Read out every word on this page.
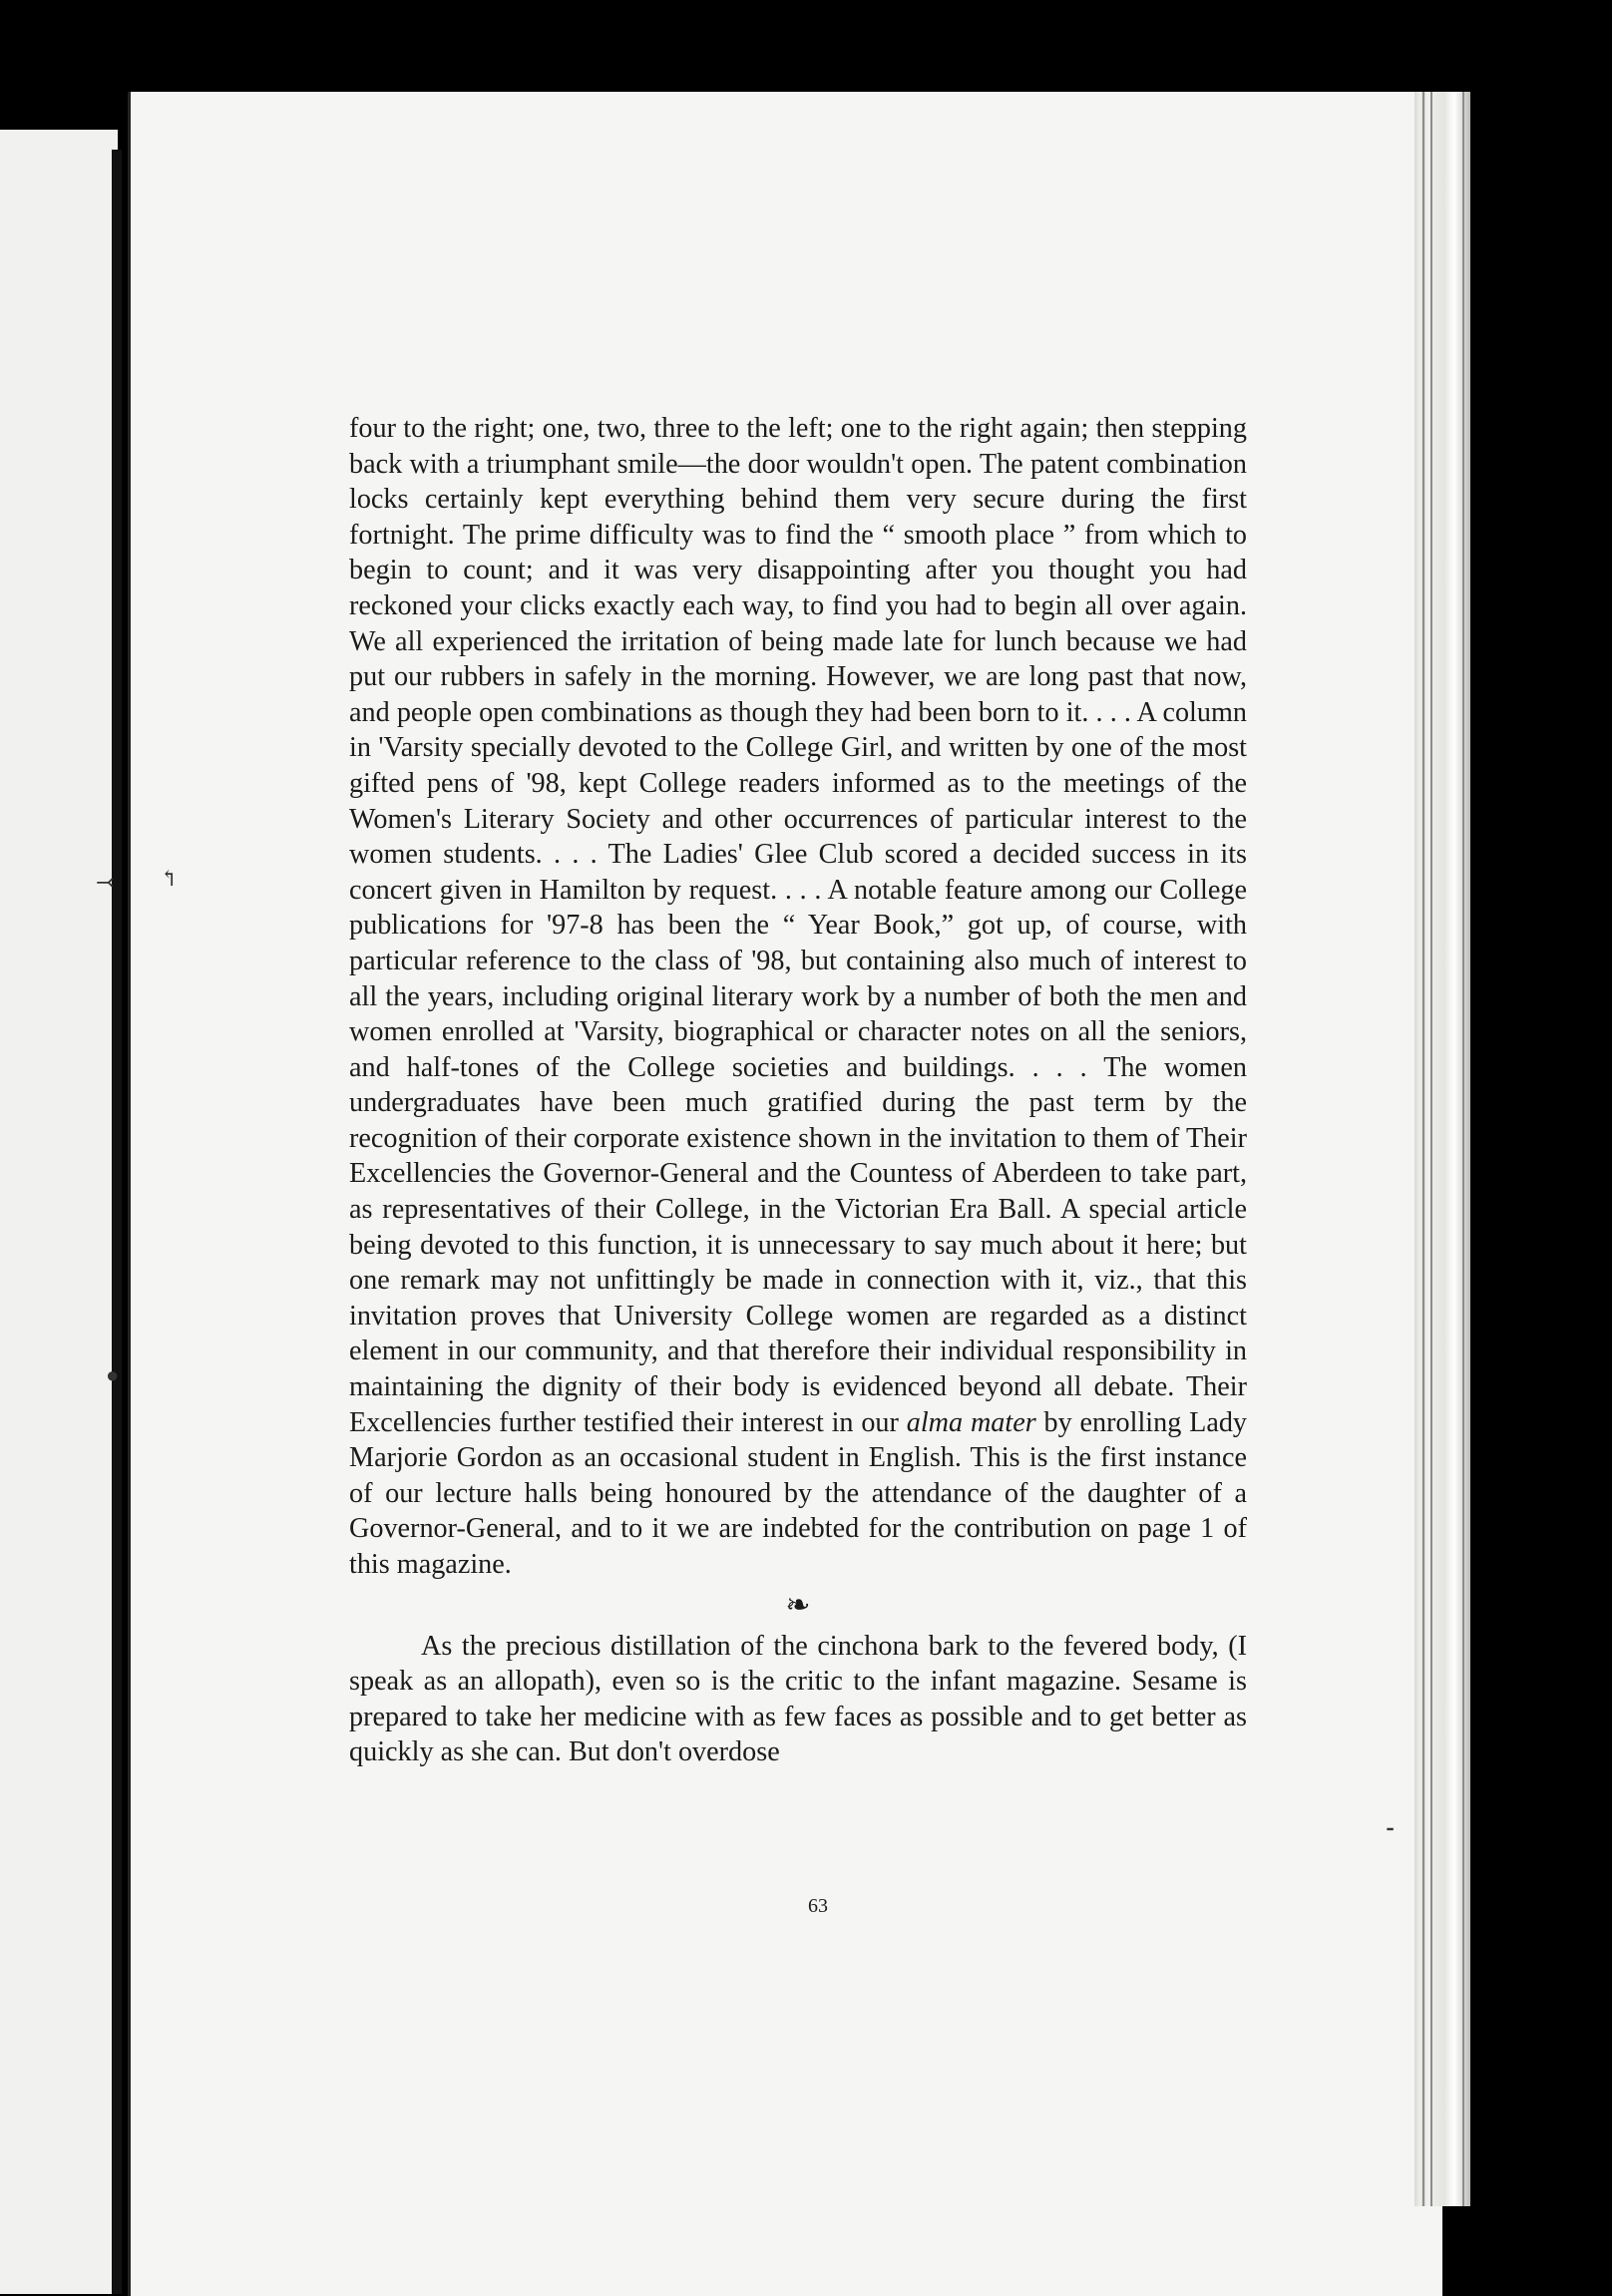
⤙ ↰
●
⁃

four to the right; one, two, three to the left; one to the right again; then stepping back with a triumphant smile—the door wouldn't open. The patent combination locks certainly kept everything behind them very secure during the first fortnight. The prime difficulty was to find the “ smooth place ” from which to begin to count; and it was very disappointing after you thought you had reckoned your clicks exactly each way, to find you had to begin all over again. We all experienced the irritation of being made late for lunch because we had put our rubbers in safely in the morning. However, we are long past that now, and people open combinations as though they had been born to it. . . . A column in 'Varsity specially devoted to the College Girl, and written by one of the most gifted pens of '98, kept College readers informed as to the meetings of the Women's Literary Society and other occurrences of particular interest to the women students. . . . The Ladies' Glee Club scored a decided success in its concert given in Hamilton by request. . . . A notable feature among our College publications for '97-8 has been the “ Year Book,” got up, of course, with particular reference to the class of '98, but containing also much of interest to all the years, including original literary work by a number of both the men and women enrolled at 'Varsity, biographical or character notes on all the seniors, and half-tones of the College societies and buildings. . . . The women undergraduates have been much gratified during the past term by the recognition of their corporate existence shown in the invitation to them of Their Excellencies the Governor-General and the Countess of Aberdeen to take part, as representatives of their College, in the Victorian Era Ball. A special article being devoted to this function, it is unnecessary to say much about it here; but one remark may not unfittingly be made in connection with it, viz., that this invitation proves that University College women are regarded as a distinct element in our community, and that therefore their individual responsibility in maintaining the dignity of their body is evidenced beyond all debate. Their Excellencies further testified their interest in our alma mater by enrolling Lady Marjorie Gordon as an occasional student in English. This is the first instance of our lecture halls being honoured by the attendance of the daughter of a Governor-General, and to it we are indebted for the contribution on page 1 of this magazine.

❧

As the precious distillation of the cinchona bark to the fevered body, (I speak as an allopath), even so is the critic to the infant magazine. Sesame is prepared to take her medicine with as few faces as possible and to get better as quickly as she can. But don't overdose

63
